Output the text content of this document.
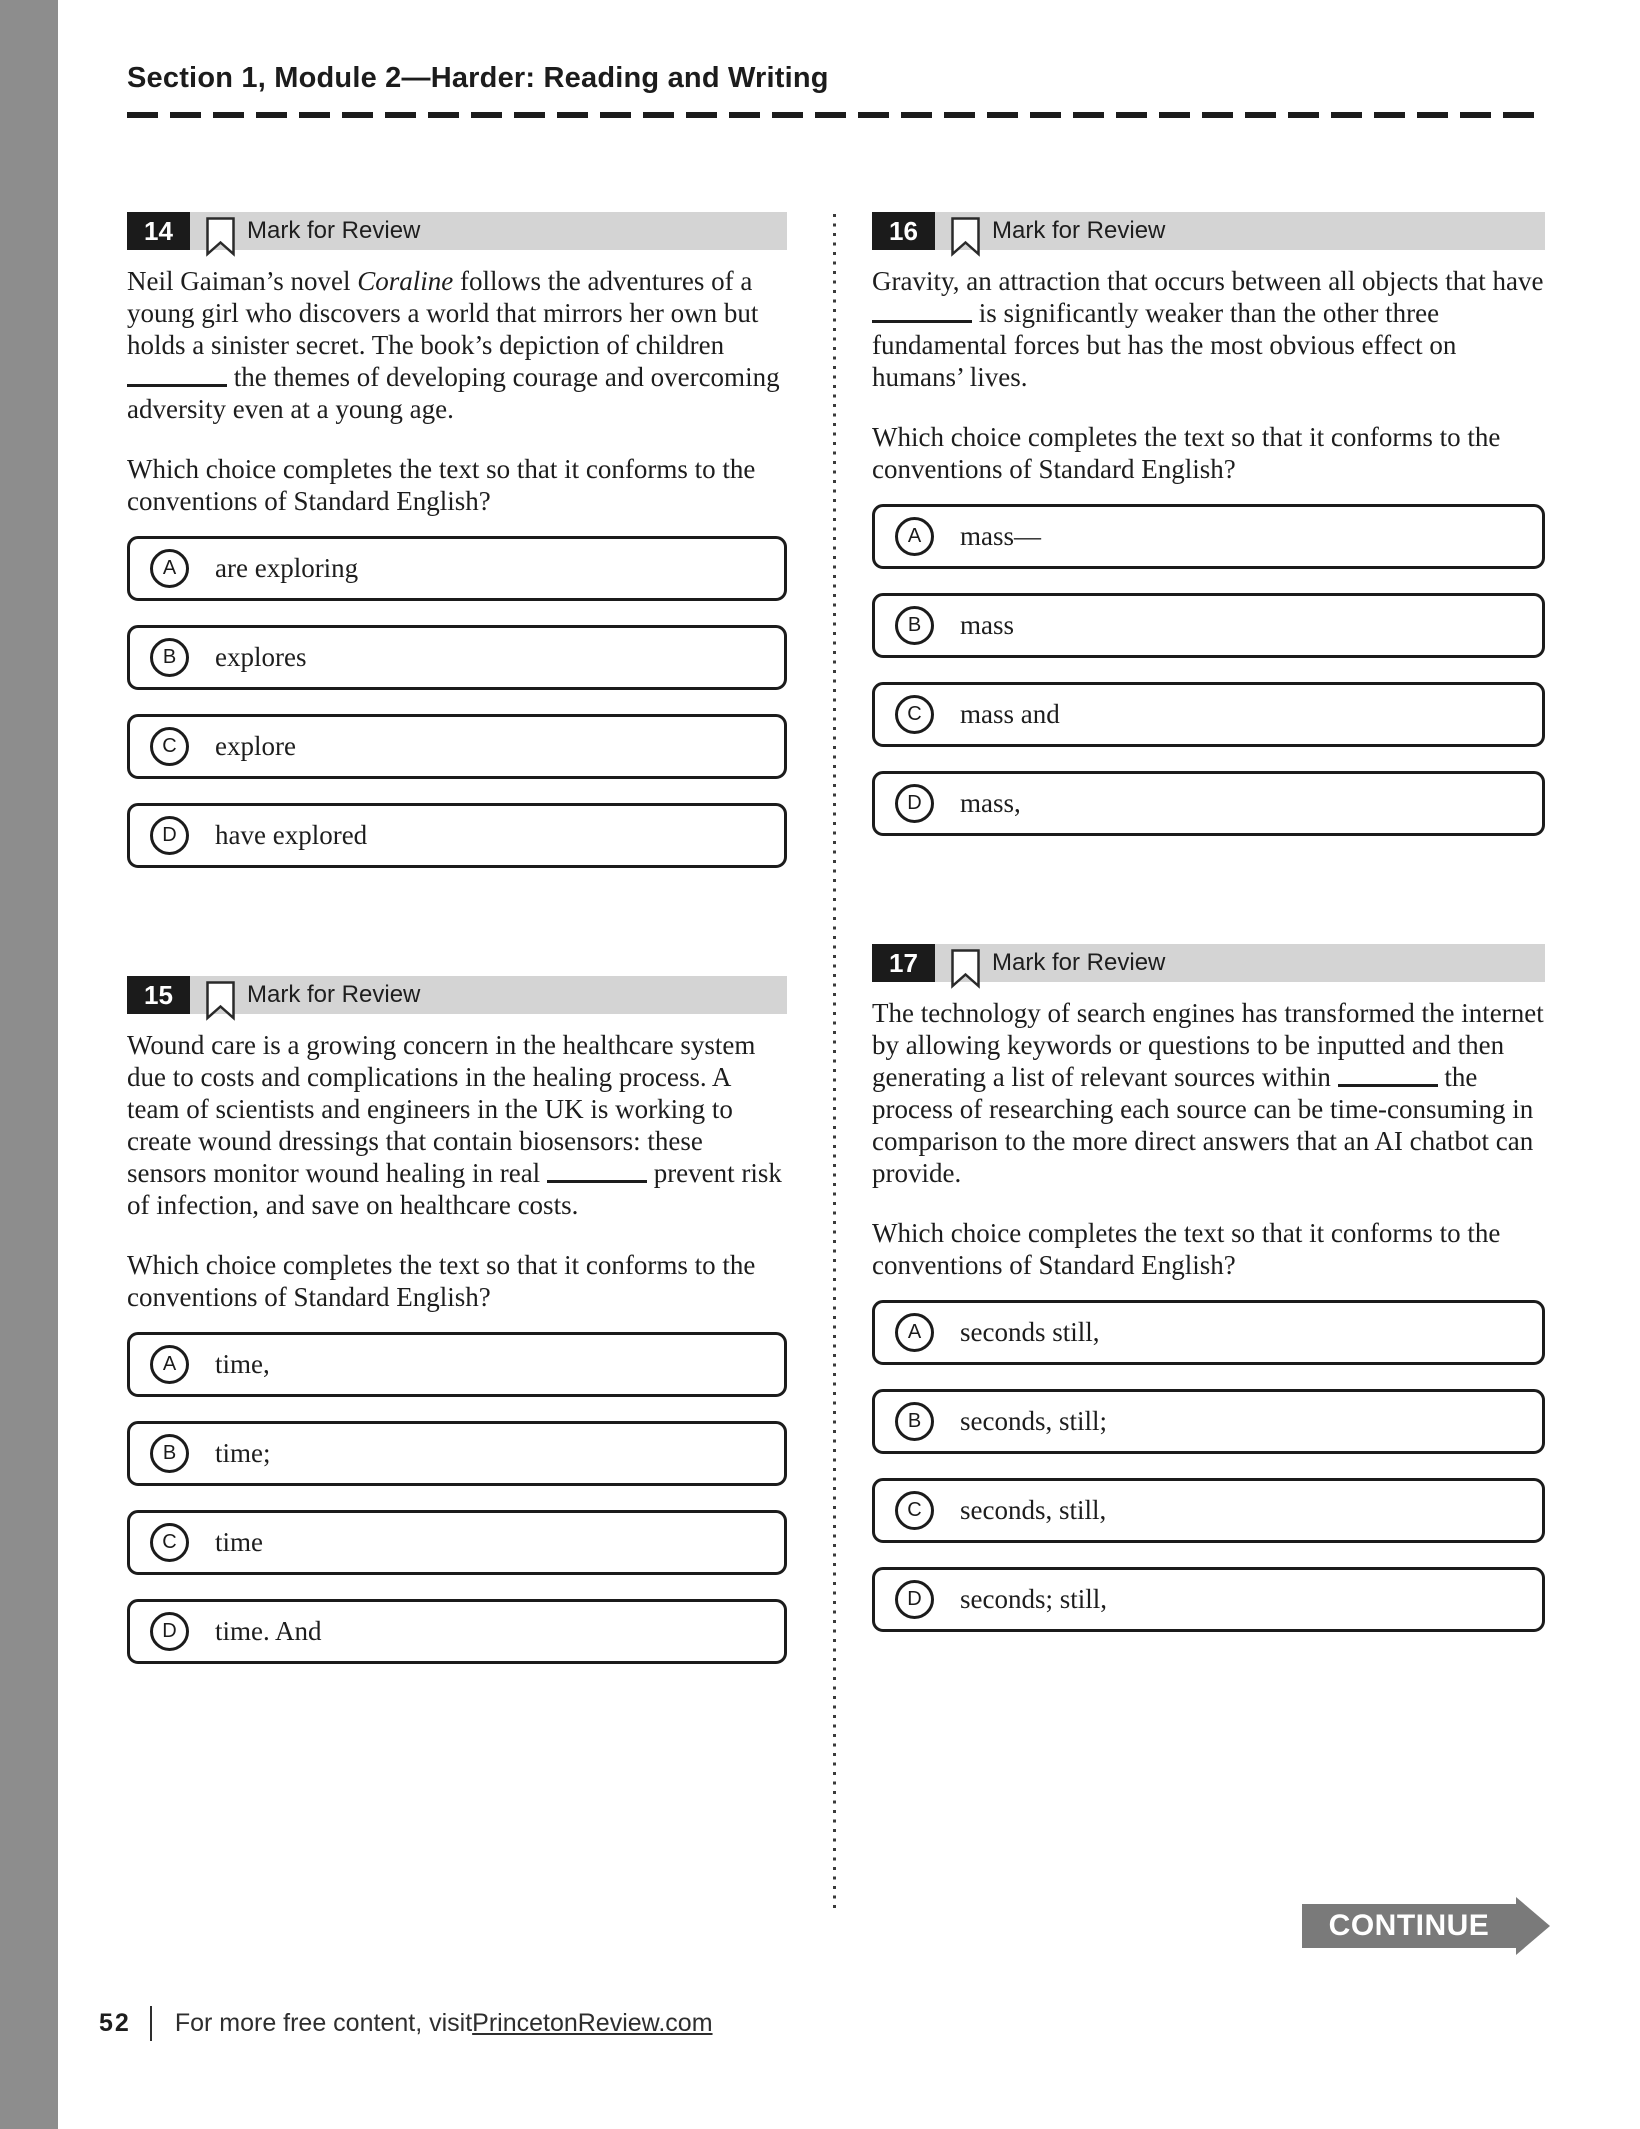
Section 1, Module 2—Harder: Reading and Writing
14	Mark for Review

Neil Gaiman’s novel Coraline follows the adventures of a young girl who discovers a world that mirrors her own but holds a sinister secret. The book’s depiction of children  the themes of developing courage and overcoming adversity even at a young age.

Which choice completes the text so that it conforms to the conventions of Standard English?

A	are exploring
B	explores
C	explore
D	have explored
15	Mark for Review

Wound care is a growing concern in the healthcare system due to costs and complications in the healing process. A team of scientists and engineers in the UK is working to create wound dressings that contain biosensors: these sensors monitor wound healing in real	prevent risk of infection, and save on healthcare costs.

Which choice completes the text so that it conforms to the conventions of Standard English?

A	time,
B	time;
C	time
D	time. And
16	Mark for Review

Gravity, an attraction that occurs between all objects that have  is significantly weaker than the other three fundamental forces but has the most obvious effect on humans’ lives.

Which choice completes the text so that it conforms to the conventions of Standard English?

A	mass—
B	mass
C	mass and
D	mass,
17	Mark for Review

The technology of search engines has transformed the internet by allowing keywords or questions to be inputted and then generating a list of relevant sources within	the process of researching each source can be time-consuming in comparison to the more direct answers that an AI chatbot can provide.

Which choice completes the text so that it conforms to the conventions of Standard English?

A	seconds still,
B	seconds, still;
C	seconds, still,
D	seconds; still,
CONTINUE
52 For more free content, visit PrincetonReview.com
